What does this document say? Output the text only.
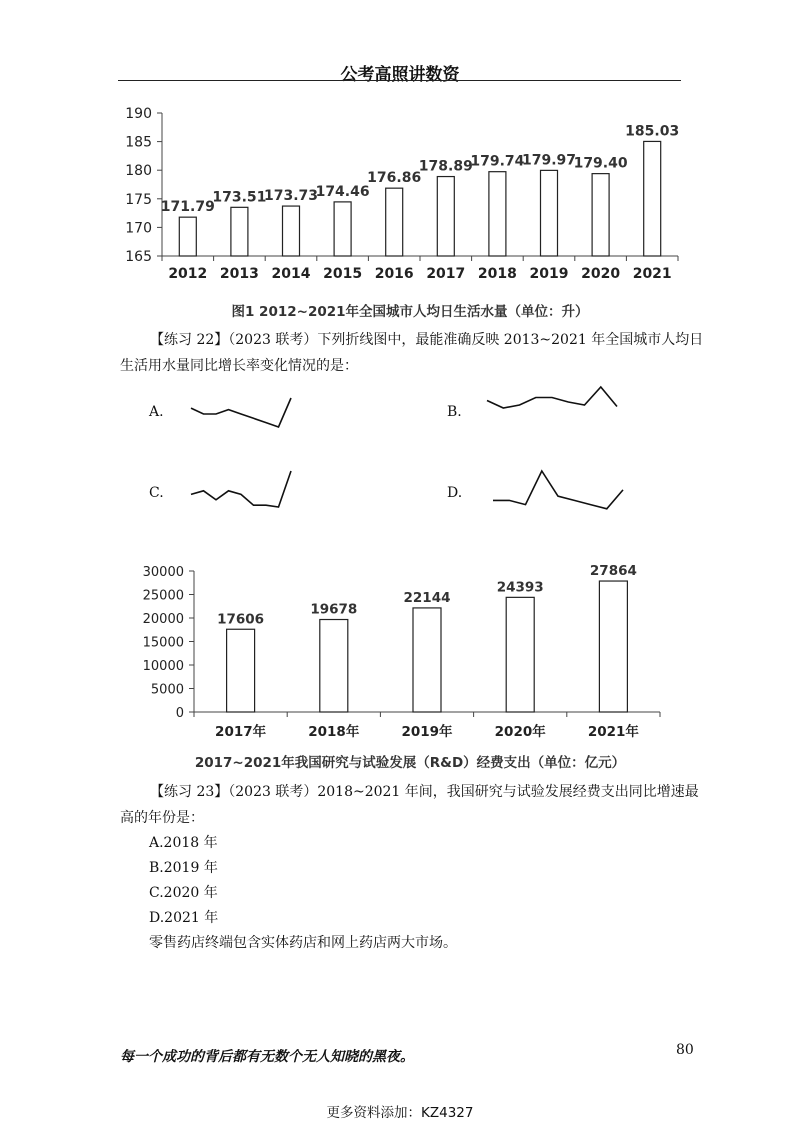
公考高照讲数资
165
170
175
180
185
190
171.79
2012
173.51
2013
173.73
2014
174.46
2015
176.86
2016
178.89
2017
179.74
2018
179.97
2019
179.40
2020
185.03
2021
图1 2012~2021年全国城市人均日生活水量（单位：升）
【练习 22】（2023 联考）下列折线图中，最能准确反映 2013~2021 年全国城市人均日
生活用水量同比增长率变化情况的是：
A.	B.
C.	D.
0
5000
10000
15000
20000
25000
30000
17606
2017年
19678
2018年
22144
2019年
24393
2020年
27864
2021年
2017~2021年我国研究与试验发展（R&D）经费支出（单位：亿元）
【练习 23】（2023 联考）2018~2021 年间，我国研究与试验发展经费支出同比增速最
高的年份是：
A.2018 年
B.2019 年
C.2020 年
D.2021 年
零售药店终端包含实体药店和网上药店两大市场。
每一个成功的背后都有无数个无人知晓的黑夜。	80
更多资料添加：KZ4327
